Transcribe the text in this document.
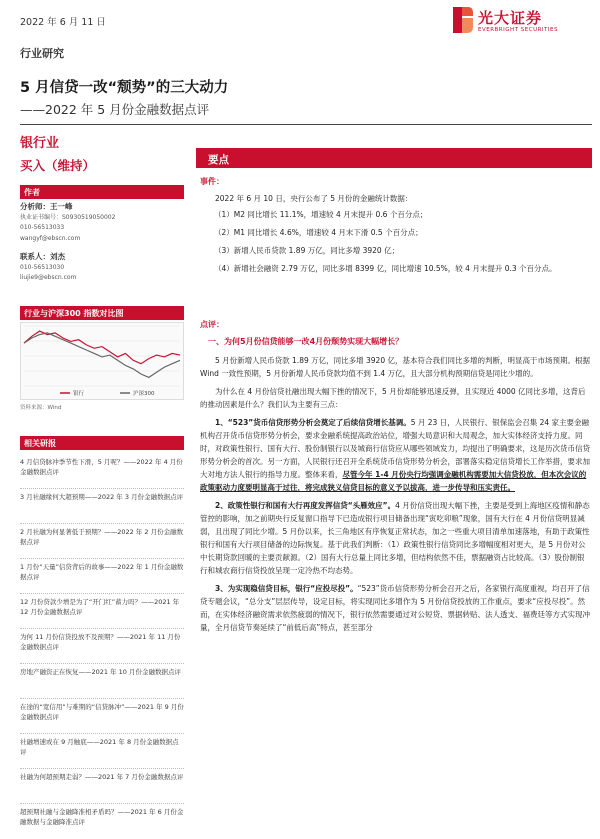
2022 年 6 月 11 日	光大证券
EVERBRIGHT SECURITIES
行业研究
5 月信贷一改“颓势”的三大动力
——2022 年 5 月份金融数据点评
银行业
买入（维持）
作者
分析师：王一峰
执业证书编号：S0930519050002
010-56513033
wangyf@ebscn.com
联系人：刘杰
010-56513030
liujie9@ebscn.com
行业与沪深300 指数对比图
银行	沪深300
资料来源：Wind
相关研报
4 月信贷脉冲季节性下滑，5 月呢？——2022 年 4 月份金融数据点评
3 月社融缘何大超预期——2022 年 3 月份金融数据点评
2 月社融为何显著低于预期？——2022 年 2 月份金融数据点评
1 月份“天量”信贷背后的故事——2022 年 1 月份金融数据点评
12 月份贷款少增是为了“开门红”蓄力吗？——2021 年 12 月份金融数据点评
为何 11 月份信贷投放不及预期？——2021 年 11 月份金融数据点评
房地产融资正在恢复——2021 年 10 月份金融数据点评
在途的“宽信用”与难期的“信贷脉冲”——2021 年 9 月份金融数据点评
社融增速或在 9 月触底——2021 年 8 月份金融数据点评
社融为何超预期走弱？——2021 年 7 月份金融数据点评
超预期社融与金融降准相矛盾吗？——2021 年 6 月份金融数据与金融降准点评
要点
事件：
2022 年 6 月 10 日，央行公布了 5 月份的金融统计数据：
（1）M2 同比增长 11.1%，增速较 4 月末提升 0.6 个百分点；
（2）M1 同比增长 4.6%，增速较 4 月末下滑 0.5 个百分点；
（3）新增人民币贷款 1.89 万亿，同比多增 3920 亿；
（4）新增社会融资 2.79 万亿，同比多增 8399 亿，同比增速 10.5%，较 4 月末提升 0.3 个百分点。
点评：
一、为何5月份信贷能够一改4月份颓势实现大幅增长？
5 月份新增人民币贷款 1.89 万亿，同比多增 3920 亿，基本符合我们同比多增的判断，明显高于市场预期。根据 Wind 一致性预期，5 月份新增人民币贷款均值不到 1.4 万亿，且大部分机构预期信贷是同比少增的。
为什么在 4 月份信贷社融出现大幅下挫的情况下，5 月份却能够迅速反弹，且实现近 4000 亿同比多增，这背后的推动因素是什么？我们认为主要有三点：
1、“523”货币信贷形势分析会奠定了后续信贷增长基调。5 月 23 日，人民银行、银保监会召集 24 家主要金融机构召开货币信贷形势分析会，要求金融系统提高政治站位，增强大局意识和大局观念，加大实体经济支持力度。同时，对政策性银行、国有大行、股份制银行以及城商行信贷应从哪些领域发力，均提出了明确要求，这是历次货币信贷形势分析会的首次。另一方面，人民银行还召开全系统货币信贷形势分析会，部署落实稳定信贷增长工作举措，要求加大对地方法人银行的指导力度。整体来看，尽管今年 1-4 月份央行均强调金融机构需要加大信贷投放，但本次会议的政策驱动力度要明显高于过往，将完成狭义信贷目标的意义予以拔高，进一步传导和压实责任。
2、政策性银行和国有大行再度发挥信贷“头雁效应”。4 月份信贷出现大幅下挫，主要是受到上海地区疫情和静态管控的影响，加之前期央行反复窗口指导下已造成银行项目储备出现“寅吃卯粮”现象，国有大行在 4 月份信贷明显减弱，且出现了同比少增。5 月份以来，长三角地区有序恢复正常状态，加之一些重大项目清单加速落地，有助于政策性银行和国有大行项目储备的边际恢复。基于此我们判断：（1）政策性银行信贷同比多增幅度相对更大，是 5 月份对公中长期贷款回暖的主要贡献源。（2）国有大行总量上同比多增，但结构依然不佳，票据融资占比较高。（3）股份制银行和城农商行信贷投放呈现一定冷热不均态势。
3、为实现稳信贷目标，银行“应投尽投”。“523”货币信贷形势分析会召开之后，各家银行高度重视，均召开了信贷专题会议，“总分支”层层传导，设定目标，将实现同比多增作为 5 月份信贷投放的工作重点，要求“应投尽投”。然而，在实体经济融资需求依然疲弱的情况下，银行依然需要通过对公短贷、票据转贴、法人透支、福费廷等方式实现冲量，全月信贷节奏延续了“前低后高”特点，甚至部分
